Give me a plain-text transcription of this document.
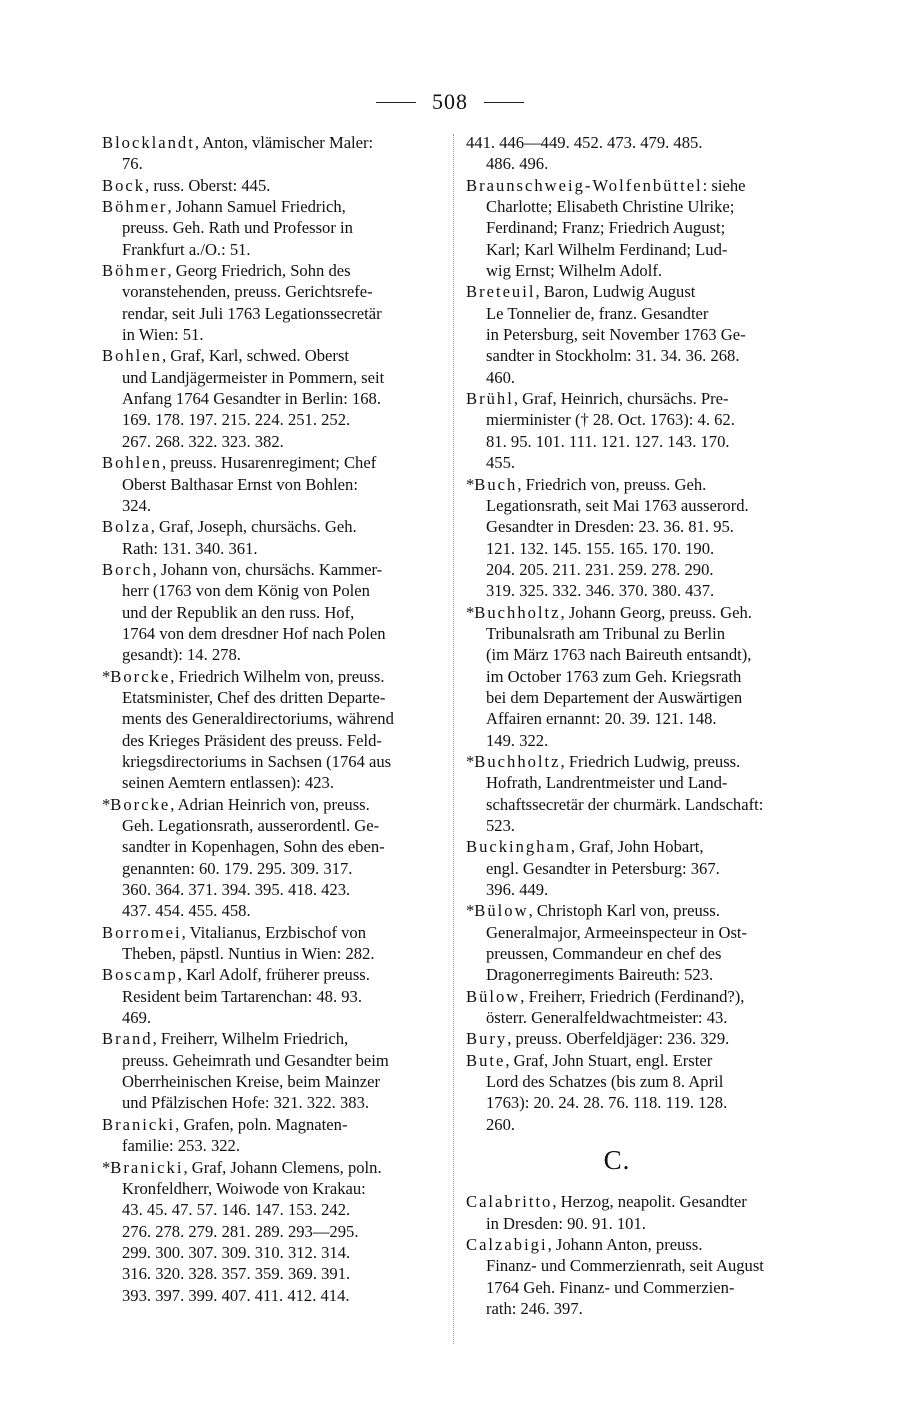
508
Blocklandt, Anton, vlämischer Maler:
76.
Bock, russ. Oberst: 445.
Böhmer, Johann Samuel Friedrich,
preuss. Geh. Rath und Professor in
Frankfurt a./O.: 51.
Böhmer, Georg Friedrich, Sohn des
voranstehenden, preuss. Gerichtsrefe-
rendar, seit Juli 1763 Legationssecretär
in Wien: 51.
Bohlen, Graf, Karl, schwed. Oberst
und Landjägermeister in Pommern, seit
Anfang 1764 Gesandter in Berlin: 168.
169. 178. 197. 215. 224. 251. 252.
267. 268. 322. 323. 382.
Bohlen, preuss. Husarenregiment; Chef
Oberst Balthasar Ernst von Bohlen:
324.
Bolza, Graf, Joseph, chursächs. Geh.
Rath: 131. 340. 361.
Borch, Johann von, chursächs. Kammer-
herr (1763 von dem König von Polen
und der Republik an den russ. Hof,
1764 von dem dresdner Hof nach Polen
gesandt): 14. 278.
*Borcke, Friedrich Wilhelm von, preuss.
Etatsminister, Chef des dritten Departe-
ments des Generaldirectoriums, während
des Krieges Präsident des preuss. Feld-
kriegsdirectoriums in Sachsen (1764 aus
seinen Aemtern entlassen): 423.
*Borcke, Adrian Heinrich von, preuss.
Geh. Legationsrath, ausserordentl. Ge-
sandter in Kopenhagen, Sohn des eben-
genannten: 60. 179. 295. 309. 317.
360. 364. 371. 394. 395. 418. 423.
437. 454. 455. 458.
Borromei, Vitalianus, Erzbischof von
Theben, päpstl. Nuntius in Wien: 282.
Boscamp, Karl Adolf, früherer preuss.
Resident beim Tartarenchan: 48. 93.
469.
Brand, Freiherr, Wilhelm Friedrich,
preuss. Geheimrath und Gesandter beim
Oberrheinischen Kreise, beim Mainzer
und Pfälzischen Hofe: 321. 322. 383.
Branicki, Grafen, poln. Magnaten-
familie: 253. 322.
*Branicki, Graf, Johann Clemens, poln.
Kronfeldherr, Woiwode von Krakau:
43. 45. 47. 57. 146. 147. 153. 242.
276. 278. 279. 281. 289. 293—295.
299. 300. 307. 309. 310. 312. 314.
316. 320. 328. 357. 359. 369. 391.
393. 397. 399. 407. 411. 412. 414.
441. 446—449. 452. 473. 479. 485.
486. 496.
Braunschweig-Wolfenbüttel: siehe
Charlotte; Elisabeth Christine Ulrike;
Ferdinand; Franz; Friedrich August;
Karl; Karl Wilhelm Ferdinand; Lud-
wig Ernst; Wilhelm Adolf.
Breteuil, Baron, Ludwig August
Le Tonnelier de, franz. Gesandter
in Petersburg, seit November 1763 Ge-
sandter in Stockholm: 31. 34. 36. 268.
460.
Brühl, Graf, Heinrich, chursächs. Pre-
mierminister († 28. Oct. 1763): 4. 62.
81. 95. 101. 111. 121. 127. 143. 170.
455.
*Buch, Friedrich von, preuss. Geh.
Legationsrath, seit Mai 1763 ausserord.
Gesandter in Dresden: 23. 36. 81. 95.
121. 132. 145. 155. 165. 170. 190.
204. 205. 211. 231. 259. 278. 290.
319. 325. 332. 346. 370. 380. 437.
*Buchholtz, Johann Georg, preuss. Geh.
Tribunalsrath am Tribunal zu Berlin
(im März 1763 nach Baireuth entsandt),
im October 1763 zum Geh. Kriegsrath
bei dem Departement der Auswärtigen
Affairen ernannt: 20. 39. 121. 148.
149. 322.
*Buchholtz, Friedrich Ludwig, preuss.
Hofrath, Landrentmeister und Land-
schaftssecretär der churmärk. Landschaft:
523.
Buckingham, Graf, John Hobart,
engl. Gesandter in Petersburg: 367.
396. 449.
*Bülow, Christoph Karl von, preuss.
Generalmajor, Armeeinspecteur in Ost-
preussen, Commandeur en chef des
Dragonerregiments Baireuth: 523.
Bülow, Freiherr, Friedrich (Ferdinand?),
österr. Generalfeldwachtmeister: 43.
Bury, preuss. Oberfeldjäger: 236. 329.
Bute, Graf, John Stuart, engl. Erster
Lord des Schatzes (bis zum 8. April
1763): 20. 24. 28. 76. 118. 119. 128.
260.
C.
Calabritto, Herzog, neapolit. Gesandter
in Dresden: 90. 91. 101.
Calzabigi, Johann Anton, preuss.
Finanz- und Commerzienrath, seit August
1764 Geh. Finanz- und Commerzien-
rath: 246. 397.
